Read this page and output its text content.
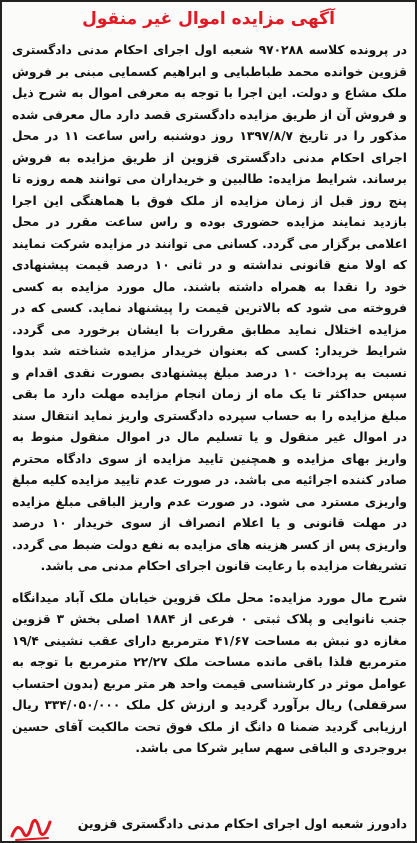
آگهی مزایده اموال غیر منقول

در پرونده کلاسه ۹۷۰۲۸۸ شعبه اول اجرای احکام مدنی دادگستری قزوین خوانده محمد طباطبایی و ابراهیم کسمایی مبنی بر فروش ملک مشاع و دولت. این اجرا با توجه به معرفی اموال به شرح ذیل و فروش آن از طریق مزایده دادگستری قصد دارد مال معرفی شده مذکور را در تاریخ ۱۳۹۷/۸/۷ روز دوشنبه راس ساعت ۱۱ در محل اجرای احکام مدنی دادگستری قزوین از طریق مزایده به فروش برساند. شرایط مزایده: طالبین و خریداران می توانند همه روزه تا پنج روز قبل از زمان مزایده از ملک فوق با هماهنگی این اجرا بازدید نمایند مزایده حضوری بوده و راس ساعت مقرر در محل اعلامی برگزار می گردد. کسانی می توانند در مزایده شرکت نمایند که اولا منع قانونی نداشته و در ثانی ۱۰ درصد قیمت پیشنهادی خود را نقدا به همراه داشته باشند. مال مورد مزایده به کسی فروخته می شود که بالاترین قیمت را پیشنهاد نماید. کسی که در مزایده اختلال نماید مطابق مقررات با ایشان برخورد می گردد. شرایط خریدار: کسی که بعنوان خریدار مزایده شناخته شد بدوا نسبت به پرداخت ۱۰ درصد مبلغ پیشنهادی بصورت نقدی اقدام و سپس حداکثر تا یک ماه از زمان انجام مزایده مهلت دارد ما بقی مبلغ مزایده را به حساب سپرده دادگستری واریز نماید انتقال سند در اموال غیر منقول و یا تسلیم مال در اموال منقول منوط به واریز بهای مزایده و همچنین تایید مزایده از سوی دادگاه محترم صادر کننده اجرائیه می باشد. در صورت عدم تایید مزایده کلیه مبلغ واریزی مسترد می شود. در صورت عدم واریز الباقی مبلغ مزایده در مهلت قانونی و یا اعلام انصراف از سوی خریدار ۱۰ درصد واریزی پس از کسر هزینه های مزایده به نفع دولت ضبط می گردد. تشریفات مزایده با رعایت قانون اجرای احکام مدنی می باشد.

شرح مال مورد مزایده: محل ملک قزوین خیابان ملک آباد میدانگاه جنب نانوایی و پلاک ثبتی ۰ فرعی از ۱۸۸۴ اصلی بخش ۳ قزوین مغازه دو نبش به مساحت ۴۱/۶۷ مترمربع دارای عقب نشینی ۱۹/۴ مترمربع فلذا باقی مانده مساحت ملک ۲۲/۲۷ مترمربع با توجه به عوامل موثر در کارشناسی قیمت واحد هر متر مربع (بدون احتساب سرقفلی) ریال برآورد گردید و ارزش کل ملک ۳۳۴/۰۵۰/۰۰۰ ریال ارزیابی گردید ضمنا ۵ دانگ از ملک فوق تحت مالکیت آقای حسین بروجردی و الباقی سهم سایر شرکا می باشد.

دادورز شعبه اول اجرای احکام مدنی دادگستری قزوین
